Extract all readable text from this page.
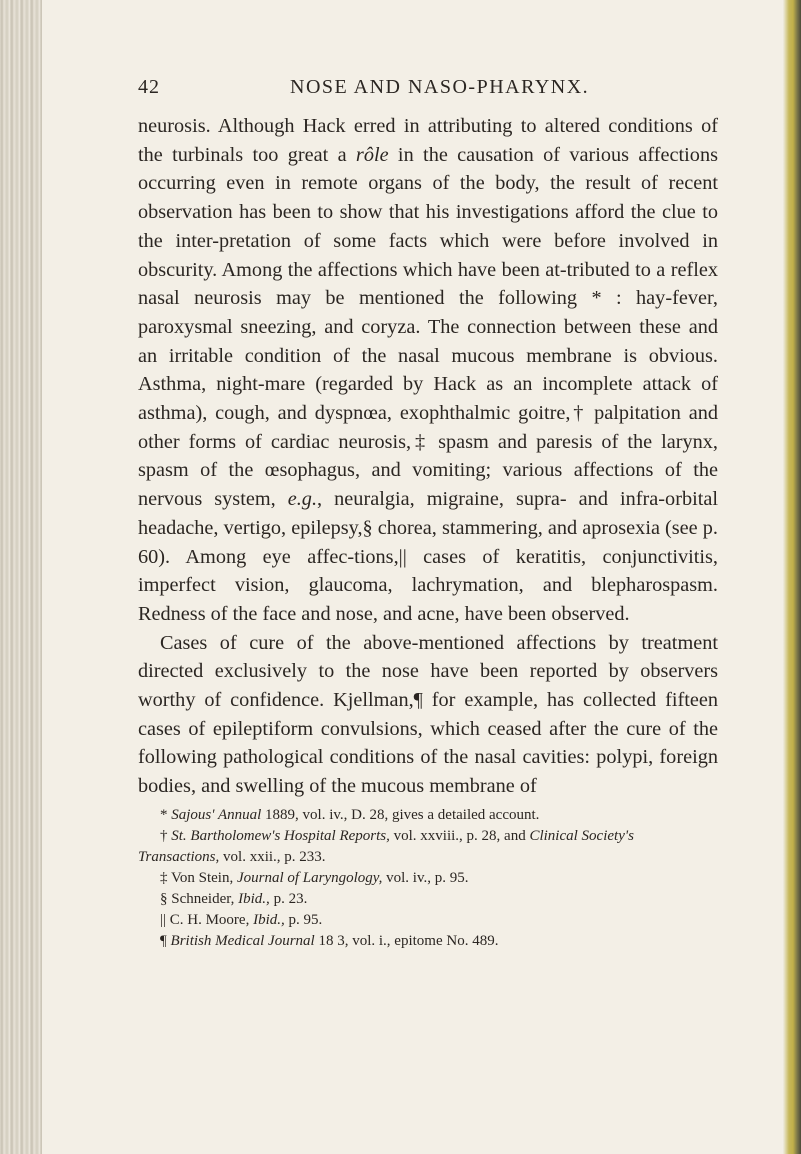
42	NOSE AND NASO-PHARYNX.

neurosis. Although Hack erred in attributing to altered conditions of the turbinals too great a rôle in the causation of various affections occurring even in remote organs of the body, the result of recent observation has been to show that his investigations afford the clue to the inter-pretation of some facts which were before involved in obscurity. Among the affections which have been at-tributed to a reflex nasal neurosis may be mentioned the following * : hay-fever, paroxysmal sneezing, and coryza. The connection between these and an irritable condition of the nasal mucous membrane is obvious. Asthma, night-mare (regarded by Hack as an incomplete attack of asthma), cough, and dyspnœa, exophthalmic goitre,† palpitation and other forms of cardiac neurosis,‡ spasm and paresis of the larynx, spasm of the œsophagus, and vomiting; various affections of the nervous system, e.g., neuralgia, migraine, supra- and infra-orbital headache, vertigo, epilepsy,§ chorea, stammering, and aprosexia (see p. 60). Among eye affec-tions,|| cases of keratitis, conjunctivitis, imperfect vision, glaucoma, lachrymation, and blepharospasm. Redness of the face and nose, and acne, have been observed.

Cases of cure of the above-mentioned affections by treatment directed exclusively to the nose have been reported by observers worthy of confidence. Kjellman,¶ for example, has collected fifteen cases of epileptiform convulsions, which ceased after the cure of the following pathological conditions of the nasal cavities: polypi, foreign bodies, and swelling of the mucous membrane of

* Sajous' Annual 1889, vol. iv., D. 28, gives a detailed account.

† St. Bartholomew's Hospital Reports, vol. xxviii., p. 28, and Clinical Society's Transactions, vol. xxii., p. 233.

‡ Von Stein, Journal of Laryngology, vol. iv., p. 95.

§ Schneider, Ibid., p. 23.

|| C. H. Moore, Ibid., p. 95.

¶ British Medical Journal 18 3, vol. i., epitome No. 489.
